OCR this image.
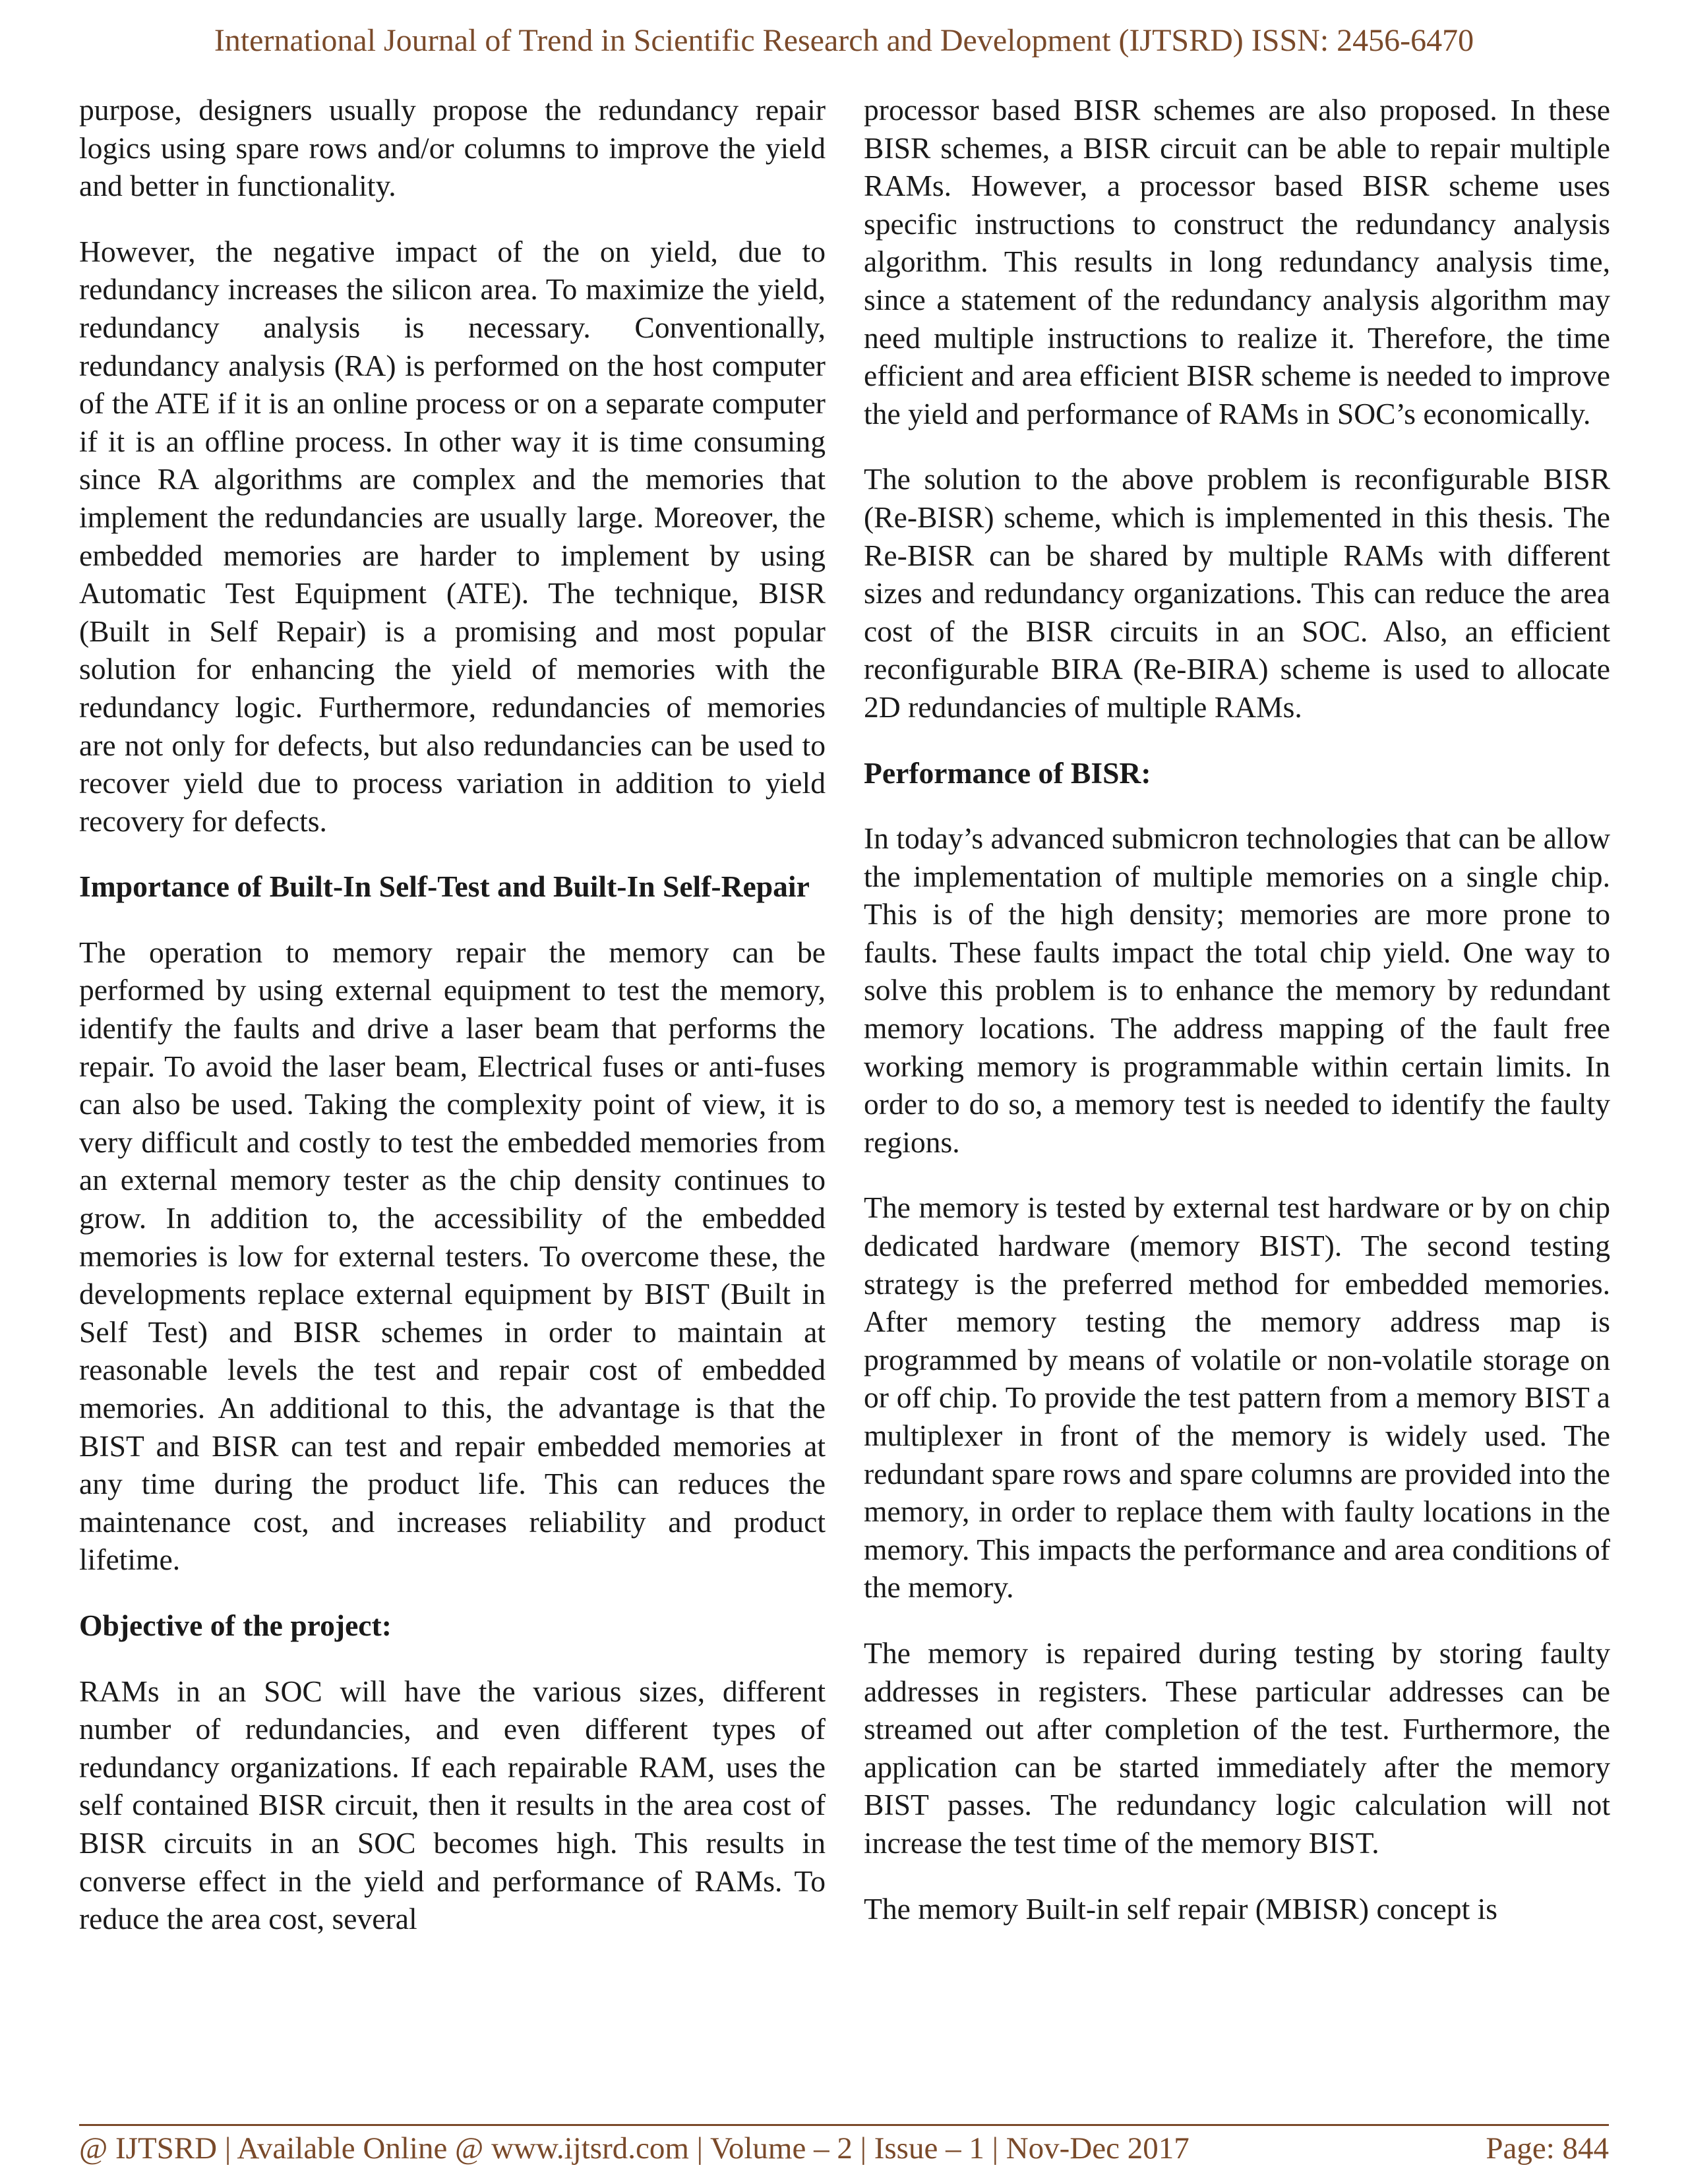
International Journal of Trend in Scientific Research and Development (IJTSRD) ISSN: 2456-6470

purpose, designers usually propose the redundancy repair logics using spare rows and/or columns to improve the yield and better in functionality.

However, the negative impact of the on yield, due to redundancy increases the silicon area. To maximize the yield, redundancy analysis is necessary. Conventionally, redundancy analysis (RA) is performed on the host computer of the ATE if it is an online process or on a separate computer if it is an offline process. In other way it is time consuming since RA algorithms are complex and the memories that implement the redundancies are usually large. Moreover, the embedded memories are harder to implement by using Automatic Test Equipment (ATE). The technique, BISR (Built in Self Repair) is a promising and most popular solution for enhancing the yield of memories with the redundancy logic. Furthermore, redundancies of memories are not only for defects, but also redundancies can be used to recover yield due to process variation in addition to yield recovery for defects.

Importance of Built-In Self-Test and Built-In Self-Repair

The operation to memory repair the memory can be performed by using external equipment to test the memory, identify the faults and drive a laser beam that performs the repair. To avoid the laser beam, Electrical fuses or anti-fuses can also be used. Taking the complexity point of view, it is very difficult and costly to test the embedded memories from an external memory tester as the chip density continues to grow. In addition to, the accessibility of the embedded memories is low for external testers. To overcome these, the developments replace external equipment by BIST (Built in Self Test) and BISR schemes in order to maintain at reasonable levels the test and repair cost of embedded memories. An additional to this, the advantage is that the BIST and BISR can test and repair embedded memories at any time during the product life. This can reduces the maintenance cost, and increases reliability and product lifetime.

Objective of the project:

RAMs in an SOC will have the various sizes, different number of redundancies, and even different types of redundancy organizations. If each repairable RAM, uses the self contained BISR circuit, then it results in the area cost of BISR circuits in an SOC becomes high. This results in converse effect in the yield and performance of RAMs. To reduce the area cost, several

processor based BISR schemes are also proposed. In these BISR schemes, a BISR circuit can be able to repair multiple RAMs. However, a processor based BISR scheme uses specific instructions to construct the redundancy analysis algorithm. This results in long redundancy analysis time, since a statement of the redundancy analysis algorithm may need multiple instructions to realize it. Therefore, the time efficient and area efficient BISR scheme is needed to improve the yield and performance of RAMs in SOC’s economically.

The solution to the above problem is reconfigurable BISR (Re-BISR) scheme, which is implemented in this thesis. The Re-BISR can be shared by multiple RAMs with different sizes and redundancy organizations. This can reduce the area cost of the BISR circuits in an SOC. Also, an efficient reconfigurable BIRA (Re-BIRA) scheme is used to allocate 2D redundancies of multiple RAMs.

Performance of BISR:

In today’s advanced submicron technologies that can be allow the implementation of multiple memories on a single chip. This is of the high density; memories are more prone to faults. These faults impact the total chip yield. One way to solve this problem is to enhance the memory by redundant memory locations. The address mapping of the fault free working memory is programmable within certain limits. In order to do so, a memory test is needed to identify the faulty regions.

The memory is tested by external test hardware or by on chip dedicated hardware (memory BIST). The second testing strategy is the preferred method for embedded memories. After memory testing the memory address map is programmed by means of volatile or non-volatile storage on or off chip. To provide the test pattern from a memory BIST a multiplexer in front of the memory is widely used. The redundant spare rows and spare columns are provided into the memory, in order to replace them with faulty locations in the memory. This impacts the performance and area conditions of the memory.

The memory is repaired during testing by storing faulty addresses in registers. These particular addresses can be streamed out after completion of the test. Furthermore, the application can be started immediately after the memory BIST passes. The redundancy logic calculation will not increase the test time of the memory BIST.

The memory Built-in self repair (MBISR) concept is

@ IJTSRD | Available Online @ www.ijtsrd.com | Volume – 2 | Issue – 1 | Nov-Dec 2017	Page: 844
